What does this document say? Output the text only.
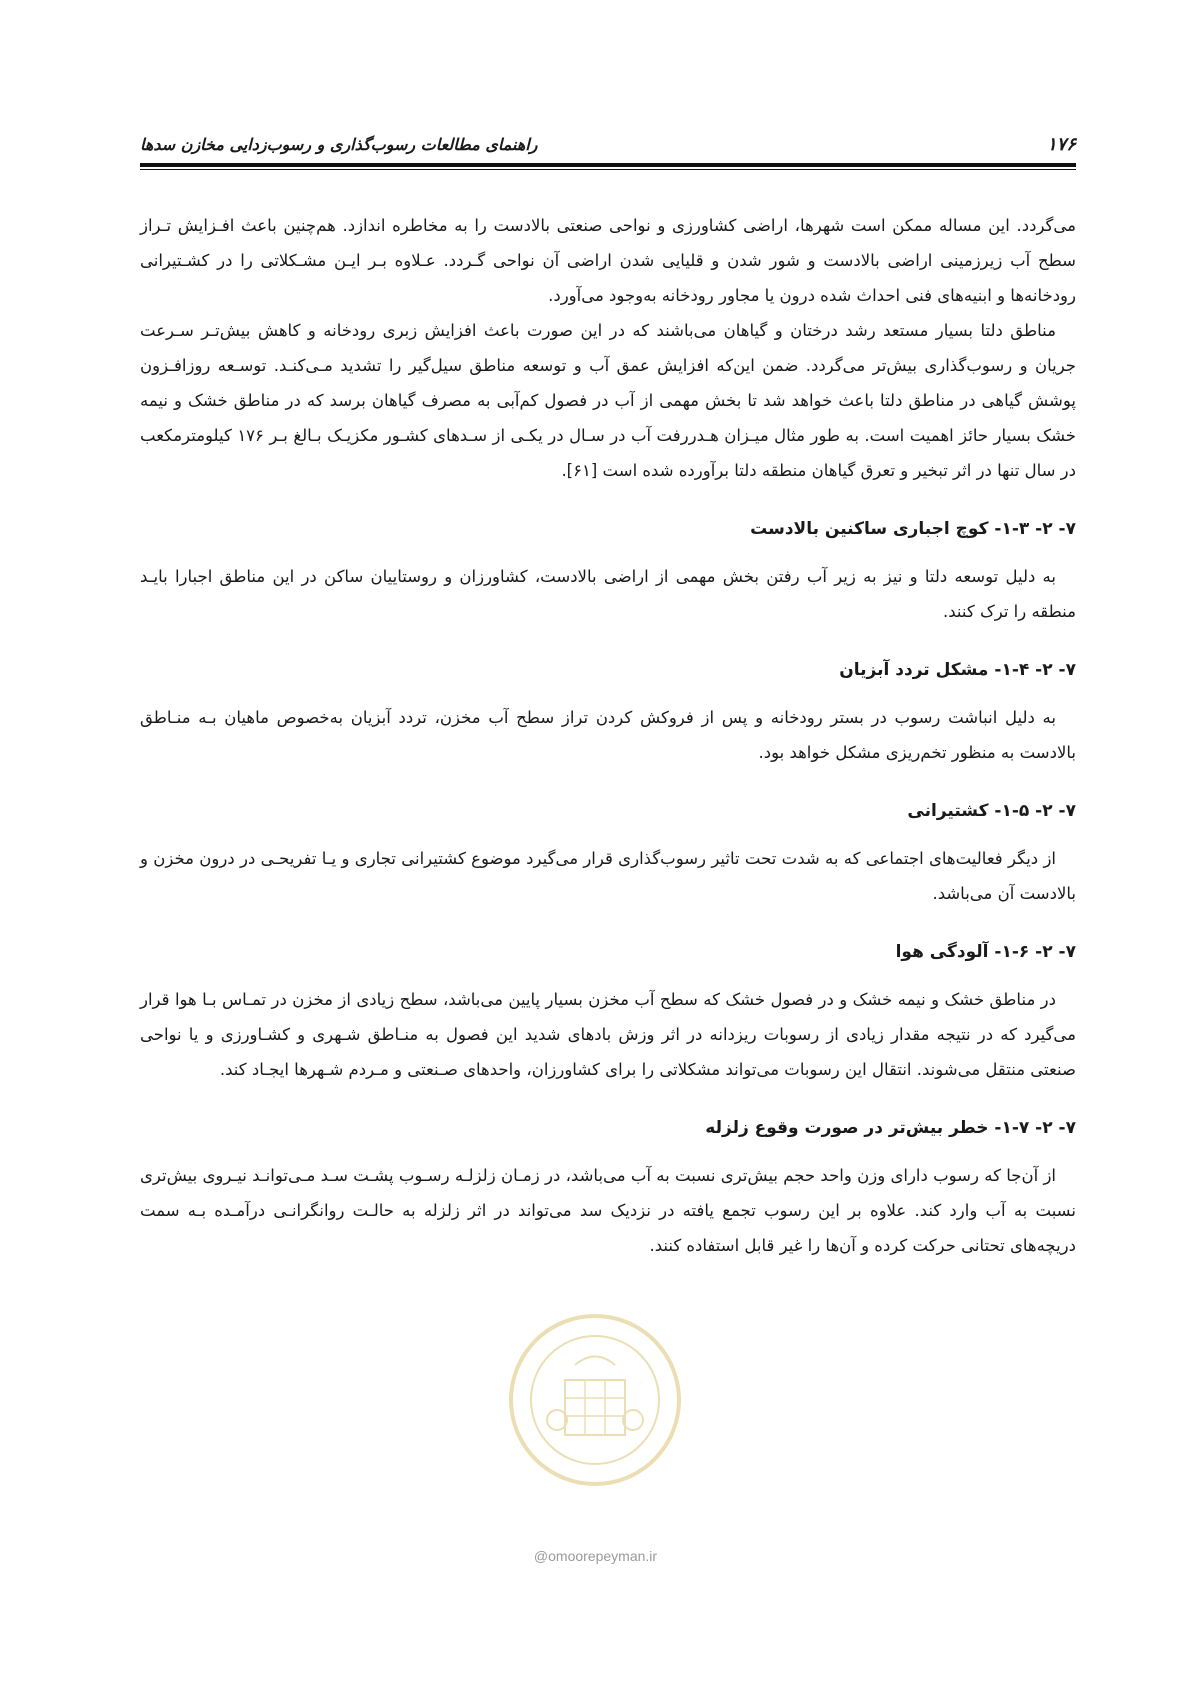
۱۷۶
راهنمای مطالعات رسوب‌گذاری و رسوب‌زدایی مخازن سدها

می‌گردد. این مساله ممکن است شهرها، اراضی کشاورزی و نواحی صنعتی بالادست را به مخاطره اندازد. هم‌چنین باعث افـزایش تـراز سطح آب زیرزمینی اراضی بالادست و شور شدن و قلیایی شدن اراضی آن نواحی گـردد. عـلاوه بـر ایـن مشـکلاتی را در کشـتیرانی رودخانه‌ها و ابنیه‌های فنی احداث شده درون یا مجاور رودخانه به‌وجود می‌آورد.

مناطق دلتا بسیار مستعد رشد درختان و گیاهان می‌باشند که در این صورت باعث افزایش زبری رودخانه و کاهش بیش‌تـر سـرعت جریان و رسوب‌گذاری بیش‌تر می‌گردد. ضمن این‌که افزایش عمق آب و توسعه مناطق سیل‌گیر را تشدید مـی‌کنـد. توسـعه روزافـزون پوشش گیاهی در مناطق دلتا باعث خواهد شد تا بخش مهمی از آب در فصول کم‌آبی به مصرف گیاهان برسد که در مناطق خشک و نیمه خشک بسیار حائز اهمیت است. به طور مثال میـزان هـدررفت آب در سـال در یکـی از سـدهای کشـور مکزیـک بـالغ بـر ۱۷۶ کیلومترمکعب در سال تنها در اثر تبخیر و تعرق گیاهان منطقه دلتا برآورده شده است [۶۱].

۷- ۲- ۱-۳- کوچ اجباری ساکنین بالادست

به دلیل توسعه دلتا و نیز به زیر آب رفتن بخش مهمی از اراضی بالادست، کشاورزان و روستاییان ساکن در این مناطق اجبارا بایـد منطقه را ترک کنند.

۷- ۲- ۱-۴- مشکل تردد آبزیان

به دلیل انباشت رسوب در بستر رودخانه و پس از فروکش کردن تراز سطح آب مخزن، تردد آبزیان به‌خصوص ماهیان بـه منـاطق بالادست به منظور تخم‌ریزی مشکل خواهد بود.

۷- ۲- ۱-۵- کشتیرانی

از دیگر فعالیت‌های اجتماعی که به شدت تحت تاثیر رسوب‌گذاری قرار می‌گیرد موضوع کشتیرانی تجاری و یـا تفریحـی در درون مخزن و بالادست آن می‌باشد.

۷- ۲- ۱-۶- آلودگی هوا

در مناطق خشک و نیمه خشک و در فصول خشک که سطح آب مخزن بسیار پایین می‌باشد، سطح زیادی از مخزن در تمـاس بـا هوا قرار می‌گیرد که در نتیجه مقدار زیادی از رسوبات ریزدانه در اثر وزش بادهای شدید این فصول به منـاطق شـهری و کشـاورزی و یا نواحی صنعتی منتقل می‌شوند. انتقال این رسوبات می‌تواند مشکلاتی را برای کشاورزان، واحدهای صـنعتی و مـردم شـهرها ایجـاد کند.

۷- ۲- ۱-۷- خطر بیش‌تر در صورت وقوع زلزله

از آن‌جا که رسوب دارای وزن واحد حجم بیش‌تری نسبت به آب می‌باشد، در زمـان زلزلـه رسـوب پشـت سـد مـی‌توانـد نیـروی بیش‌تری نسبت به آب وارد کند. علاوه بر این رسوب تجمع یافته در نزدیک سد می‌تواند در اثر زلزله به حالـت روانگرانـی درآمـده بـه سمت دریچه‌های تحتانی حرکت کرده و آن‌ها را غیر قابل استفاده کنند.

@omoorepeyman.ir
